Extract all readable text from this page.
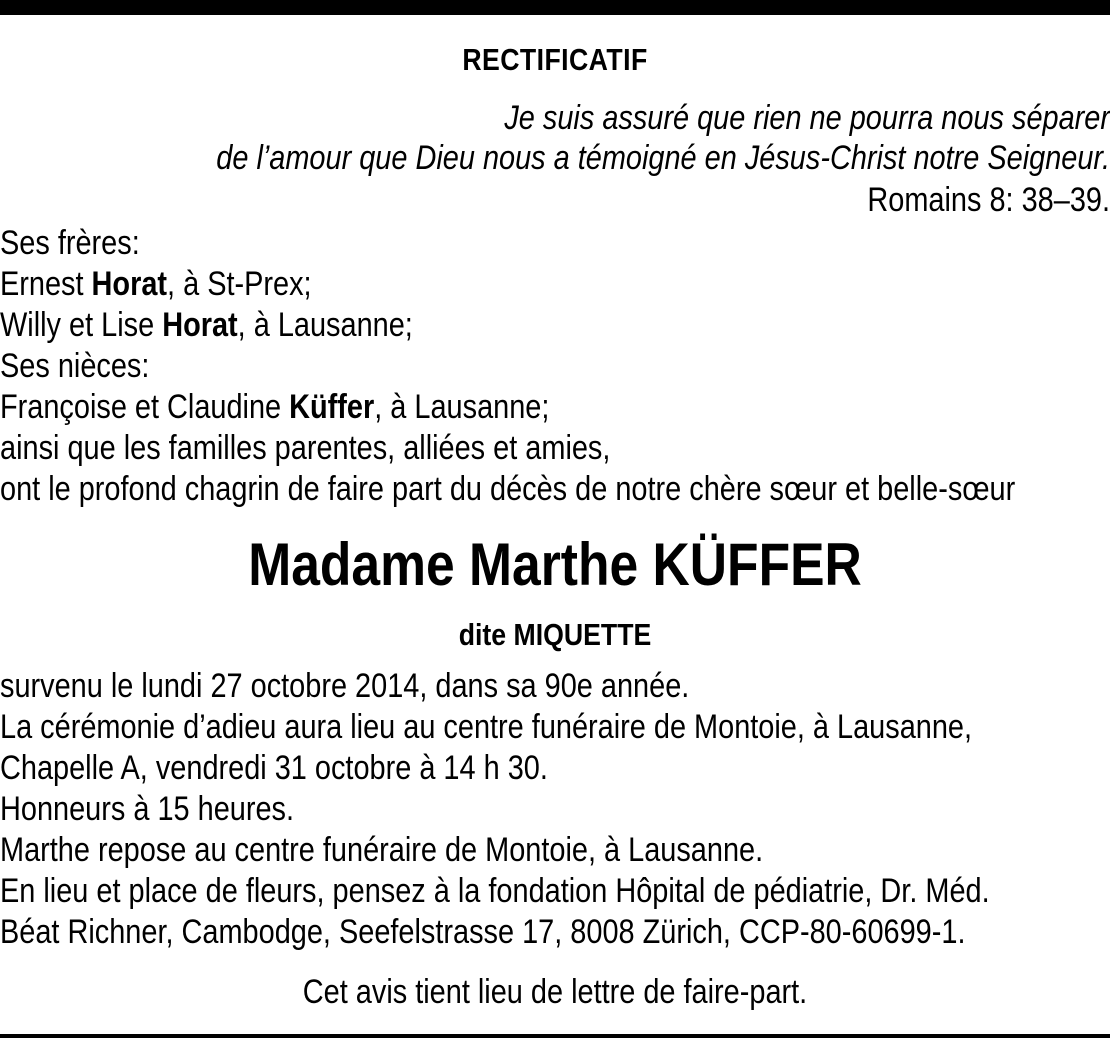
RECTIFICATIF
Je suis assuré que rien ne pourra nous séparer
de l’amour que Dieu nous a témoigné en Jésus-Christ notre Seigneur.
Romains 8: 38–39.
Ses frères:
Ernest Horat, à St-Prex;
Willy et Lise Horat, à Lausanne;
Ses nièces:
Françoise et Claudine Küffer, à Lausanne;
ainsi que les familles parentes, alliées et amies,
ont le profond chagrin de faire part du décès de notre chère sœur et belle-sœur
Madame Marthe KÜFFER
dite MIQUETTE
survenu le lundi 27 octobre 2014, dans sa 90e année.
La cérémonie d’adieu aura lieu au centre funéraire de Montoie, à Lausanne,
Chapelle A, vendredi 31 octobre à 14 h 30.
Honneurs à 15 heures.
Marthe repose au centre funéraire de Montoie, à Lausanne.
En lieu et place de fleurs, pensez à la fondation Hôpital de pédiatrie, Dr. Méd.
Béat Richner, Cambodge, Seefelstrasse 17, 8008 Zürich, CCP-80-60699-1.
Cet avis tient lieu de lettre de faire-part.
